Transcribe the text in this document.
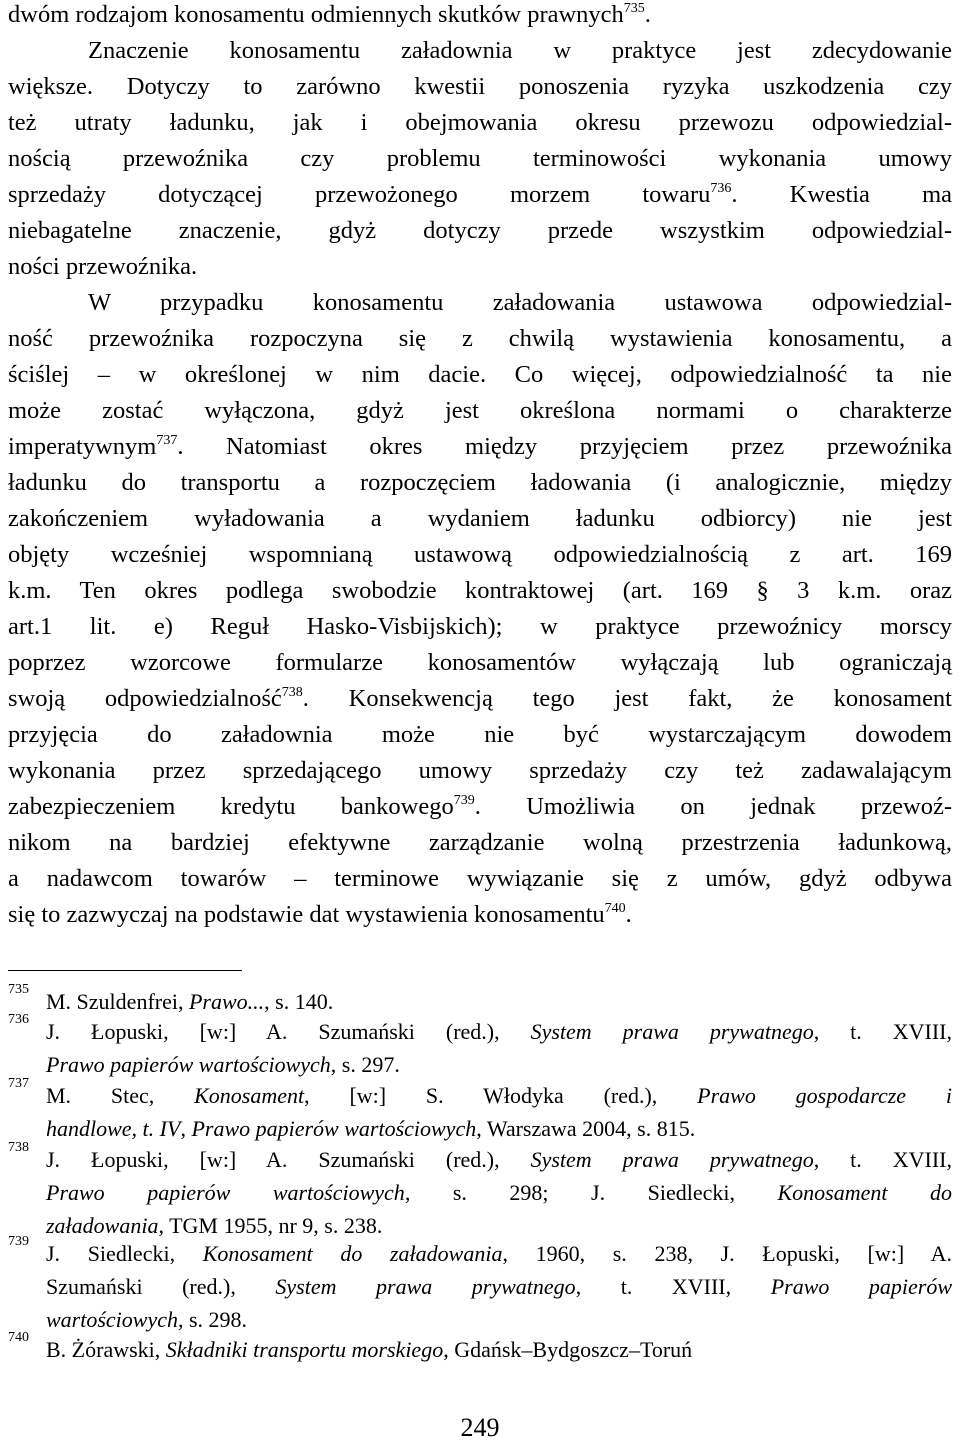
dwóm rodzajom konosamentu odmiennych skutków prawnych$^{735}$.
Znaczenie konosamentu załadownia w praktyce jest zdecydowanie
większe. Dotyczy to zarówno kwestii ponoszenia ryzyka uszkodzenia czy
też utraty ładunku, jak i obejmowania okresu przewozu odpowiedzial-
nością przewoźnika czy problemu terminowości wykonania umowy
sprzedaży dotyczącej przewożonego morzem towaru$^{736}$. Kwestia ma
niebagatelne znaczenie, gdyż dotyczy przede wszystkim odpowiedzial-
ności przewoźnika.
W przypadku konosamentu załadowania ustawowa odpowiedzial-
ność przewoźnika rozpoczyna się z chwilą wystawienia konosamentu, a
ściślej – w określonej w nim dacie. Co więcej, odpowiedzialność ta nie
może zostać wyłączona, gdyż jest określona normami o charakterze
imperatywnym$^{737}$. Natomiast okres między przyjęciem przez przewoźnika
ładunku do transportu a rozpoczęciem ładowania (i analogicznie, między
zakończeniem wyładowania a wydaniem ładunku odbiorcy) nie jest
objęty wcześniej wspomnianą ustawową odpowiedzialnością z art. 169
k.m. Ten okres podlega swobodzie kontraktowej (art. 169 § 3 k.m. oraz
art.1 lit. e) Reguł Hasko-Visbijskich); w praktyce przewoźnicy morscy
poprzez wzorcowe formularze konosamentów wyłączają lub ograniczają
swoją odpowiedzialność$^{738}$. Konsekwencją tego jest fakt, że konosament
przyjęcia do załadownia może nie być wystarczającym dowodem
wykonania przez sprzedającego umowy sprzedaży czy też zadawalającym
zabezpieczeniem kredytu bankowego$^{739}$. Umożliwia on jednak przewoź-
nikom na bardziej efektywne zarządzanie wolną przestrzenia ładunkową,
a nadawcom towarów – terminowe wywiązanie się z umów, gdyż odbywa
się to zazwyczaj na podstawie dat wystawienia konosamentu$^{740}$.
735 M. Szuldenfrei, Prawo..., s. 140.
736 J. Łopuski, [w:] A. Szumański (red.), System prawa prywatnego, t. XVIII,
Prawo papierów wartościowych, s. 297.
737 M. Stec, Konosament, [w:] S. Włodyka (red.), Prawo gospodarcze i
handlowe, t. IV, Prawo papierów wartościowych, Warszawa 2004, s. 815.
738 J. Łopuski, [w:] A. Szumański (red.), System prawa prywatnego, t. XVIII,
Prawo papierów wartościowych, s. 298; J. Siedlecki, Konosament do
załadowania, TGM 1955, nr 9, s. 238.
739 J. Siedlecki, Konosament do załadowania, 1960, s. 238, J. Łopuski, [w:] A.
Szumański (red.), System prawa prywatnego, t. XVIII, Prawo papierów
wartościowych, s. 298.
740 B. Żórawski, Składniki transportu morskiego, Gdańsk–Bydgoszcz–Toruń
249
